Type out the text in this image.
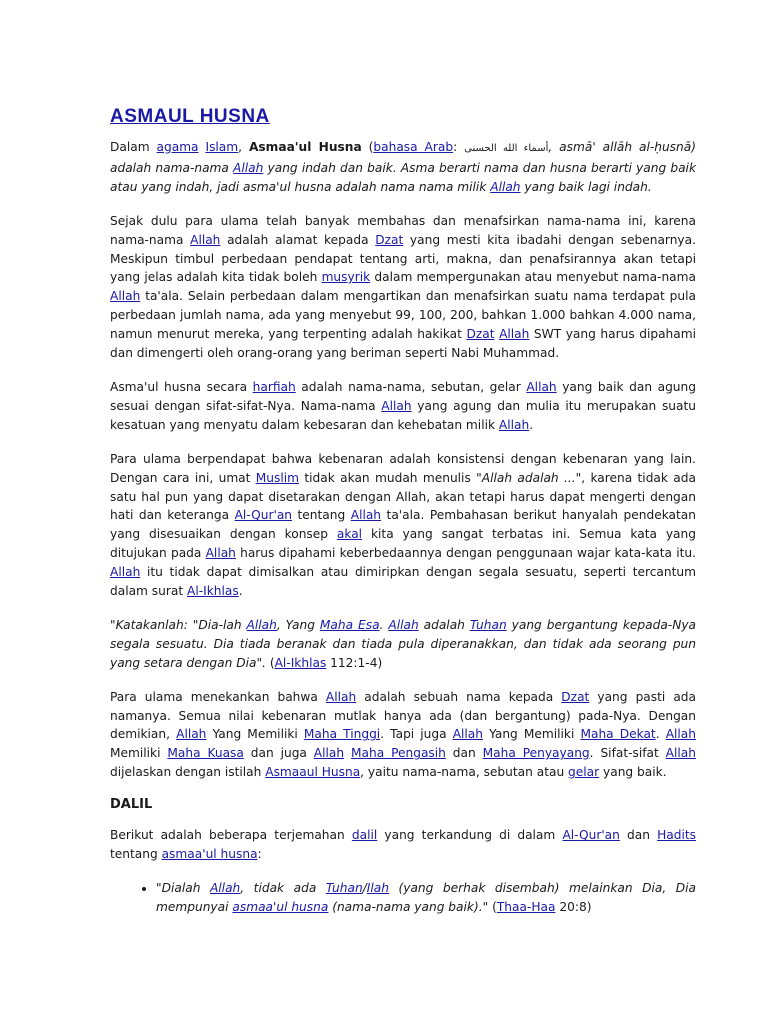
ASMAUL HUSNA

Dalam agama Islam, Asmaa'ul Husna (bahasa Arab: أسماء الله الحسنى, asmā' allāh al-ḥusnā) adalah nama-nama Allah yang indah dan baik. Asma berarti nama dan husna berarti yang baik atau yang indah, jadi asma'ul husna adalah nama nama milik Allah yang baik lagi indah.

Sejak dulu para ulama telah banyak membahas dan menafsirkan nama-nama ini, karena nama-nama Allah adalah alamat kepada Dzat yang mesti kita ibadahi dengan sebenarnya. Meskipun timbul perbedaan pendapat tentang arti, makna, dan penafsirannya akan tetapi yang jelas adalah kita tidak boleh musyrik dalam mempergunakan atau menyebut nama-nama Allah ta'ala. Selain perbedaan dalam mengartikan dan menafsirkan suatu nama terdapat pula perbedaan jumlah nama, ada yang menyebut 99, 100, 200, bahkan 1.000 bahkan 4.000 nama, namun menurut mereka, yang terpenting adalah hakikat Dzat Allah SWT yang harus dipahami dan dimengerti oleh orang-orang yang beriman seperti Nabi Muhammad.

Asma'ul husna secara harfiah adalah nama-nama, sebutan, gelar Allah yang baik dan agung sesuai dengan sifat-sifat-Nya. Nama-nama Allah yang agung dan mulia itu merupakan suatu kesatuan yang menyatu dalam kebesaran dan kehebatan milik Allah.

Para ulama berpendapat bahwa kebenaran adalah konsistensi dengan kebenaran yang lain. Dengan cara ini, umat Muslim tidak akan mudah menulis "Allah adalah ...", karena tidak ada satu hal pun yang dapat disetarakan dengan Allah, akan tetapi harus dapat mengerti dengan hati dan keteranga Al-Qur'an tentang Allah ta'ala. Pembahasan berikut hanyalah pendekatan yang disesuaikan dengan konsep akal kita yang sangat terbatas ini. Semua kata yang ditujukan pada Allah harus dipahami keberbedaannya dengan penggunaan wajar kata-kata itu. Allah itu tidak dapat dimisalkan atau dimiripkan dengan segala sesuatu, seperti tercantum dalam surat Al-Ikhlas.

"Katakanlah: "Dia-lah Allah, Yang Maha Esa. Allah adalah Tuhan yang bergantung kepada-Nya segala sesuatu. Dia tiada beranak dan tiada pula diperanakkan, dan tidak ada seorang pun yang setara dengan Dia". (Al-Ikhlas 112:1-4)

Para ulama menekankan bahwa Allah adalah sebuah nama kepada Dzat yang pasti ada namanya. Semua nilai kebenaran mutlak hanya ada (dan bergantung) pada-Nya. Dengan demikian, Allah Yang Memiliki Maha Tinggi. Tapi juga Allah Yang Memiliki Maha Dekat. Allah Memiliki Maha Kuasa dan juga Allah Maha Pengasih dan Maha Penyayang. Sifat-sifat Allah dijelaskan dengan istilah Asmaaul Husna, yaitu nama-nama, sebutan atau gelar yang baik.

DALIL

Berikut adalah beberapa terjemahan dalil yang terkandung di dalam Al-Qur'an dan Hadits tentang asmaa'ul husna:

• "Dialah Allah, tidak ada Tuhan/Ilah (yang berhak disembah) melainkan Dia, Dia mempunyai asmaa'ul husna (nama-nama yang baik)." (Thaa-Haa 20:8)
